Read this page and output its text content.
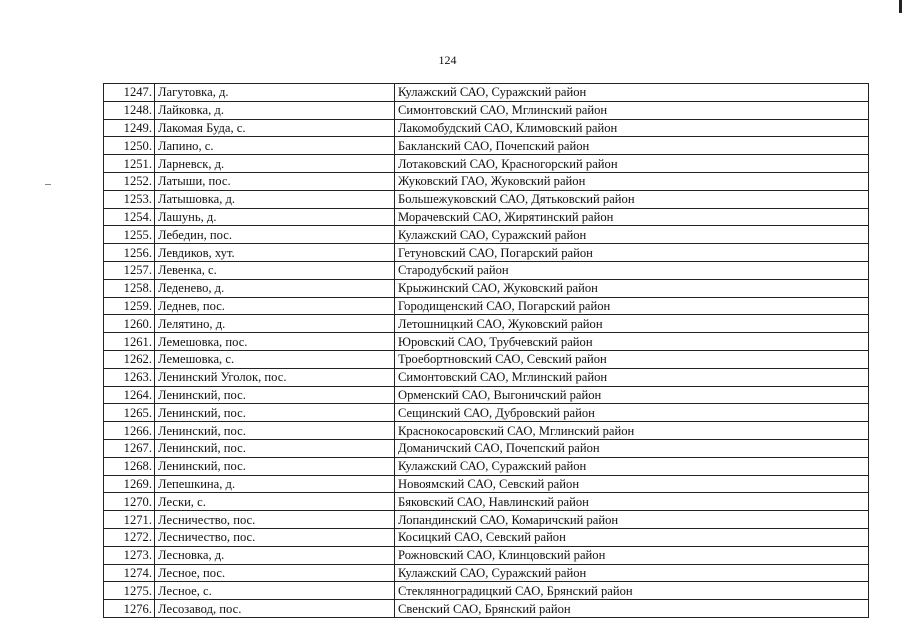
124
1247.	Лагутовка, д.	Кулажский САО, Суражский район
1248.	Лайковка, д.	Симонтовский САО, Мглинский район
1249.	Лакомая Буда, с.	Лакомобудский САО, Климовский район
1250.	Лапино, с.	Бакланский САО, Почепский район
1251.	Ларневск, д.	Лотаковский САО, Красногорский район
1252.	Латыши, пос.	Жуковский ГАО, Жуковский район
1253.	Латышовка, д.	Большежуковский САО, Дятьковский район
1254.	Лашунь, д.	Морачевский САО, Жирятинский район
1255.	Лебедин, пос.	Кулажский САО, Суражский район
1256.	Левдиков, хут.	Гетуновский САО, Погарский район
1257.	Левенка, с.	Стародубский район
1258.	Леденево, д.	Крыжинский САО, Жуковский район
1259.	Леднев, пос.	Городищенский САО, Погарский район
1260.	Лелятино, д.	Летошницкий САО, Жуковский район
1261.	Лемешовка, пос.	Юровский САО, Трубчевский район
1262.	Лемешовка, с.	Троебортновский САО, Севский район
1263.	Ленинский Уголок, пос.	Симонтовский САО, Мглинский район
1264.	Ленинский, пос.	Орменский САО, Выгоничский район
1265.	Ленинский, пос.	Сещинский САО, Дубровский район
1266.	Ленинский, пос.	Краснокосаровский САО, Мглинский район
1267.	Ленинский, пос.	Доманичский САО, Почепский район
1268.	Ленинский, пос.	Кулажский САО, Суражский район
1269.	Лепешкина, д.	Новоямский САО, Севский район
1270.	Лески, с.	Бяковский САО, Навлинский район
1271.	Лесничество, пос.	Лопандинский САО, Комаричский район
1272.	Лесничество, пос.	Косицкий САО, Севский район
1273.	Лесновка, д.	Рожновский САО, Клинцовский район
1274.	Лесное, пос.	Кулажский САО, Суражский район
1275.	Лесное, с.	Стеклянноградицкий САО, Брянский район
1276.	Лесозавод, пос.	Свенский САО, Брянский район
